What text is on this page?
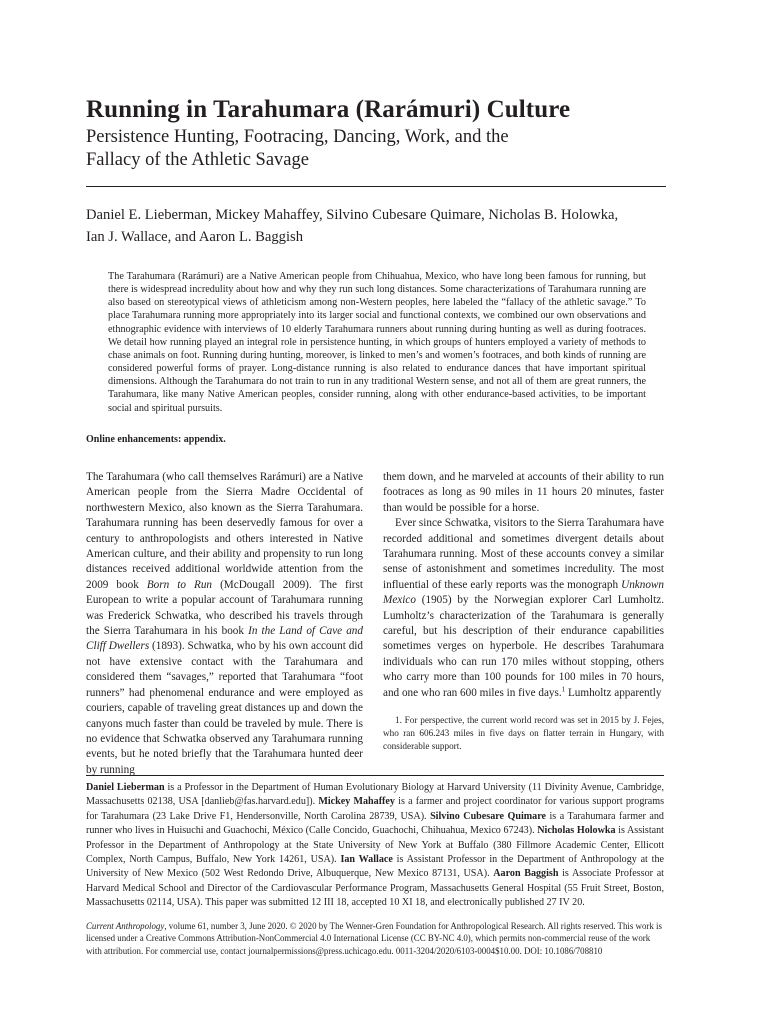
Running in Tarahumara (Rarámuri) Culture
Persistence Hunting, Footracing, Dancing, Work, and the
Fallacy of the Athletic Savage
Daniel E. Lieberman, Mickey Mahaffey, Silvino Cubesare Quimare, Nicholas B. Holowka,
Ian J. Wallace, and Aaron L. Baggish
The Tarahumara (Rarámuri) are a Native American people from Chihuahua, Mexico, who have long been famous for running, but there is widespread incredulity about how and why they run such long distances. Some characterizations of Tarahumara running are also based on stereotypical views of athleticism among non-Western peoples, here labeled the “fallacy of the athletic savage.” To place Tarahumara running more appropriately into its larger social and functional contexts, we combined our own observations and ethnographic evidence with interviews of 10 elderly Tarahumara runners about running during hunting as well as during footraces. We detail how running played an integral role in persistence hunting, in which groups of hunters employed a variety of methods to chase animals on foot. Running during hunting, moreover, is linked to men’s and women’s footraces, and both kinds of running are considered powerful forms of prayer. Long-distance running is also related to endurance dances that have important spiritual dimensions. Although the Tarahumara do not train to run in any traditional Western sense, and not all of them are great runners, the Tarahumara, like many Native American peoples, consider running, along with other endurance-based activities, to be important social and spiritual pursuits.
Online enhancements: appendix.

The Tarahumara (who call themselves Rarámuri) are a Native American people from the Sierra Madre Occidental of northwestern Mexico, also known as the Sierra Tarahumara. Tarahumara running has been deservedly famous for over a century to anthropologists and others interested in Native American culture, and their ability and propensity to run long distances received additional worldwide attention from the 2009 book Born to Run (McDougall 2009). The first European to write a popular account of Tarahumara running was Frederick Schwatka, who described his travels through the Sierra Tarahumara in his book In the Land of Cave and Cliff Dwellers (1893). Schwatka, who by his own account did not have extensive contact with the Tarahumara and considered them “savages,” reported that Tarahumara “foot runners” had phenomenal endurance and were employed as couriers, capable of traveling great distances up and down the canyons much faster than could be traveled by mule. There is no evidence that Schwatka observed any Tarahumara running events, but he noted briefly that the Tarahumara hunted deer by running

them down, and he marveled at accounts of their ability to run footraces as long as 90 miles in 11 hours 20 minutes, faster than would be possible for a horse.

Ever since Schwatka, visitors to the Sierra Tarahumara have recorded additional and sometimes divergent details about Tarahumara running. Most of these accounts convey a similar sense of astonishment and sometimes incredulity. The most influential of these early reports was the monograph Unknown Mexico (1905) by the Norwegian explorer Carl Lumholtz. Lumholtz’s characterization of the Tarahumara is generally careful, but his description of their endurance capabilities sometimes verges on hyperbole. He describes Tarahumara individuals who can run 170 miles without stopping, others who carry more than 100 pounds for 100 miles in 70 hours, and one who ran 600 miles in five days.$^1$ Lumholtz apparently

1. For perspective, the current world record was set in 2015 by J. Fejes, who ran 606.243 miles in five days on flatter terrain in Hungary, with considerable support.
Daniel Lieberman is a Professor in the Department of Human Evolutionary Biology at Harvard University (11 Divinity Avenue, Cambridge, Massachusetts 02138, USA [danlieb@fas.harvard.edu]). Mickey Mahaffey is a farmer and project coordinator for various support programs for Tarahumara (23 Lake Drive F1, Hendersonville, North Carolina 28739, USA). Silvino Cubesare Quimare is a Tarahumara farmer and runner who lives in Huisuchi and Guachochi, México (Calle Concido, Guachochi, Chihuahua, Mexico 67243). Nicholas Holowka is Assistant Professor in the Department of Anthropology at the State University of New York at Buffalo (380 Fillmore Academic Center, Ellicott Complex, North Campus, Buffalo, New York 14261, USA). Ian Wallace is Assistant Professor in the Department of Anthropology at the University of New Mexico (502 West Redondo Drive, Albuquerque, New Mexico 87131, USA). Aaron Baggish is Associate Professor at Harvard Medical School and Director of the Cardiovascular Performance Program, Massachusetts General Hospital (55 Fruit Street, Boston, Massachusetts 02114, USA). This paper was submitted 12 III 18, accepted 10 XI 18, and electronically published 27 IV 20.
Current Anthropology, volume 61, number 3, June 2020. © 2020 by The Wenner-Gren Foundation for Anthropological Research. All rights reserved. This work is licensed under a Creative Commons Attribution-NonCommercial 4.0 International License (CC BY-NC 4.0), which permits non-commercial reuse of the work with attribution. For commercial use, contact journalpermissions@press.uchicago.edu. 0011-3204/2020/6103-0004$10.00. DOI: 10.1086/708810
